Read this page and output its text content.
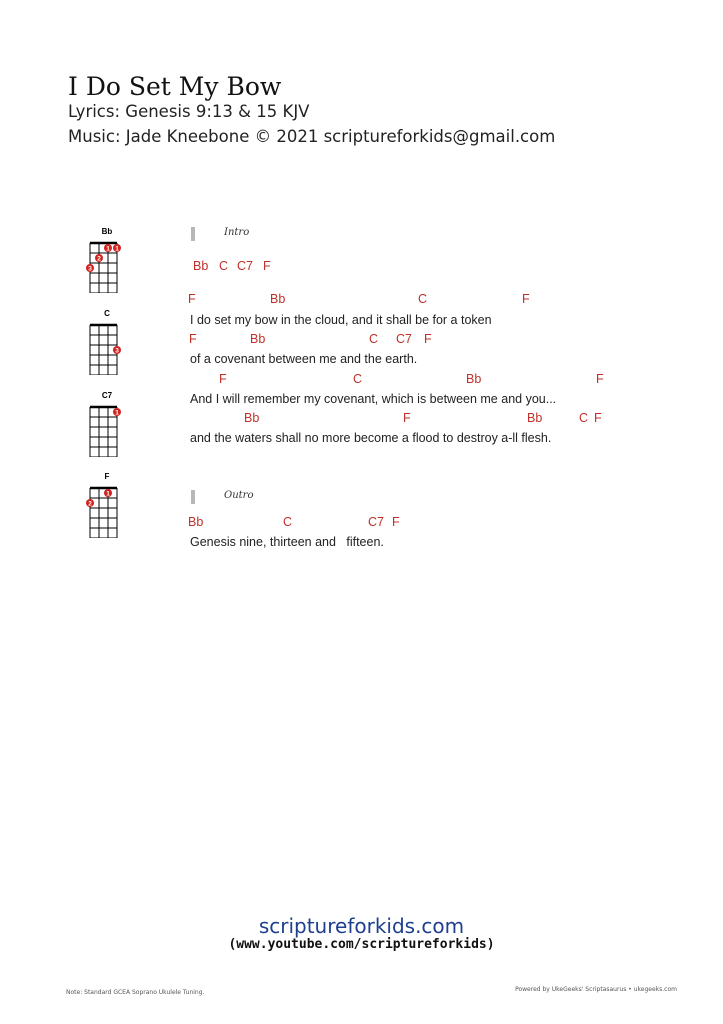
I Do Set My Bow
Lyrics: Genesis 9:13 & 15 KJV
Music: Jade Kneebone © 2021 scriptureforkids@gmail.com
Bb
1 1
2
3
C
3
C7
1
F
1
2
Intro
Bb C C7 F
F	Bb	C	F
I do set my bow in the cloud, and it shall be for a token
F	Bb	C C7 F
of a covenant between me and the earth.
F	C	Bb	F
And I will remember my covenant, which is between me and you...
Bb	F	Bb	C F
and the waters shall no more become a flood to destroy a-ll flesh.
Outro
Bb	C	C7 F
Genesis nine, thirteen and   fifteen.
scriptureforkids.com
(www.youtube.com/scriptureforkids)
Note: Standard GCEA Soprano Ukulele Tuning.	Powered by UkeGeeks' Scriptasaurus • ukegeeks.com
